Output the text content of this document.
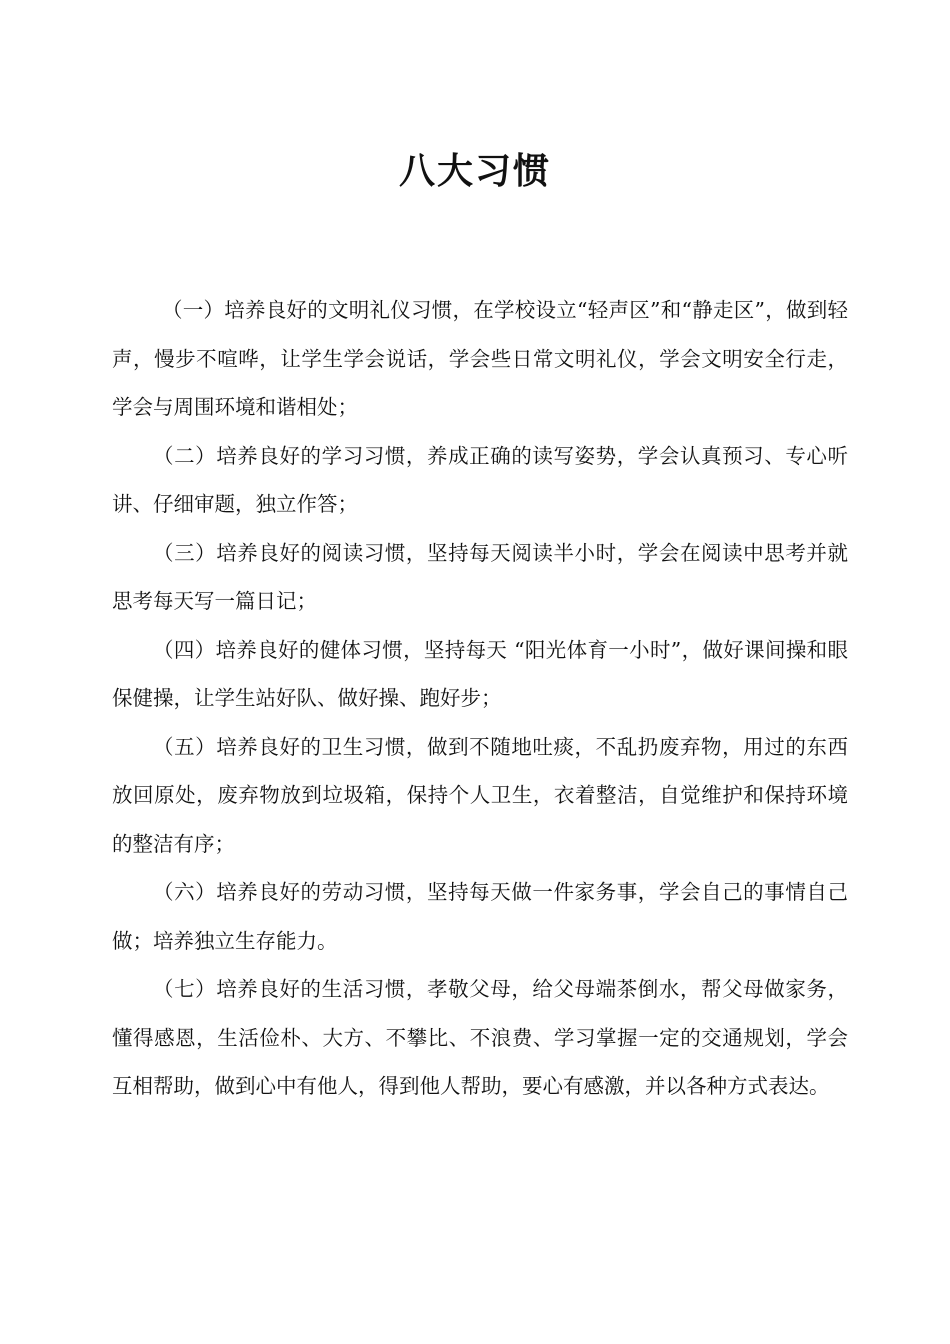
八大习惯

（一）培养良好的文明礼仪习惯，在学校设立“轻声区”和“静走区”，做到轻声，慢步不喧哗，让学生学会说话，学会些日常文明礼仪，学会文明安全行走，学会与周围环境和谐相处；

（二）培养良好的学习习惯，养成正确的读写姿势，学会认真预习、专心听讲、仔细审题，独立作答；

（三）培养良好的阅读习惯，坚持每天阅读半小时，学会在阅读中思考并就思考每天写一篇日记；

（四）培养良好的健体习惯，坚持每天 “阳光体育一小时”，做好课间操和眼保健操，让学生站好队、做好操、跑好步；

（五）培养良好的卫生习惯，做到不随地吐痰，不乱扔废弃物，用过的东西放回原处，废弃物放到垃圾箱，保持个人卫生，衣着整洁，自觉维护和保持环境的整洁有序；

（六）培养良好的劳动习惯，坚持每天做一件家务事，学会自己的事情自己做；培养独立生存能力。

（七）培养良好的生活习惯，孝敬父母，给父母端茶倒水，帮父母做家务，懂得感恩，生活俭朴、大方、不攀比、不浪费、学习掌握一定的交通规划，学会互相帮助，做到心中有他人，得到他人帮助，要心有感激，并以各种方式表达。
